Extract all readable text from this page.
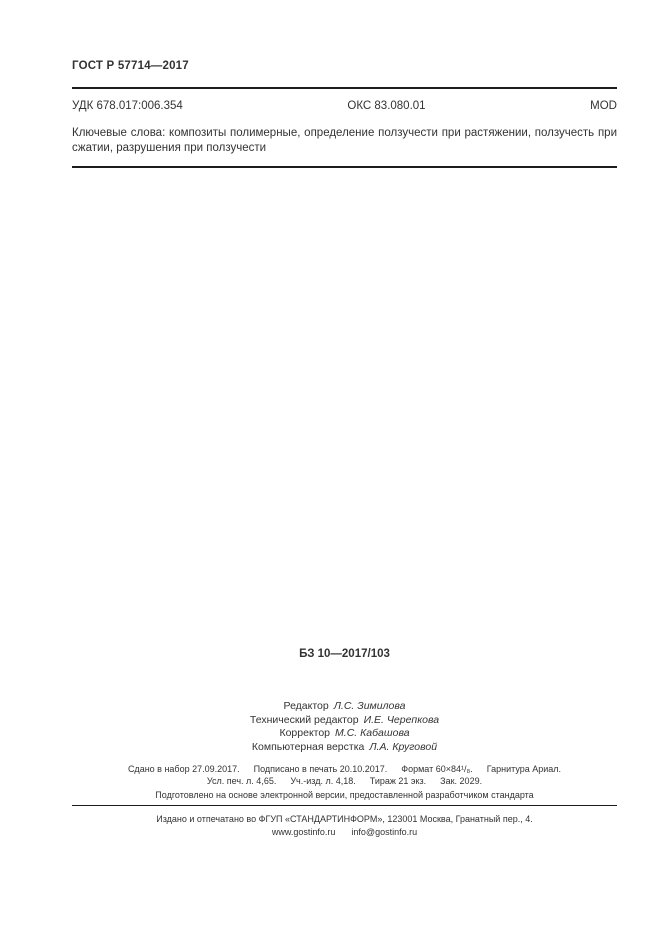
ГОСТ Р 57714—2017
УДК 678.017:006.354	ОКС 83.080.01	MOD
Ключевые слова: композиты полимерные, определение ползучести при растяжении, ползучесть при сжатии, разрушения при ползучести
БЗ 10—2017/103
Редактор Л.С. Зимилова
Технический редактор И.Е. Черепкова
Корректор М.С. Кабашова
Компьютерная верстка Л.А. Круговой
Сдано в набор 27.09.2017. Подписано в печать 20.10.2017. Формат 60×84¹/₈. Гарнитура Ариал.
Усл. печ. л. 4,65. Уч.-изд. л. 4,18. Тираж 21 экз. Зак. 2029.
Подготовлено на основе электронной версии, предоставленной разработчиком стандарта
Издано и отпечатано во ФГУП «СТАНДАРТИНФОРМ», 123001 Москва, Гранатный пер., 4.
www.gostinfo.ru info@gostinfo.ru
